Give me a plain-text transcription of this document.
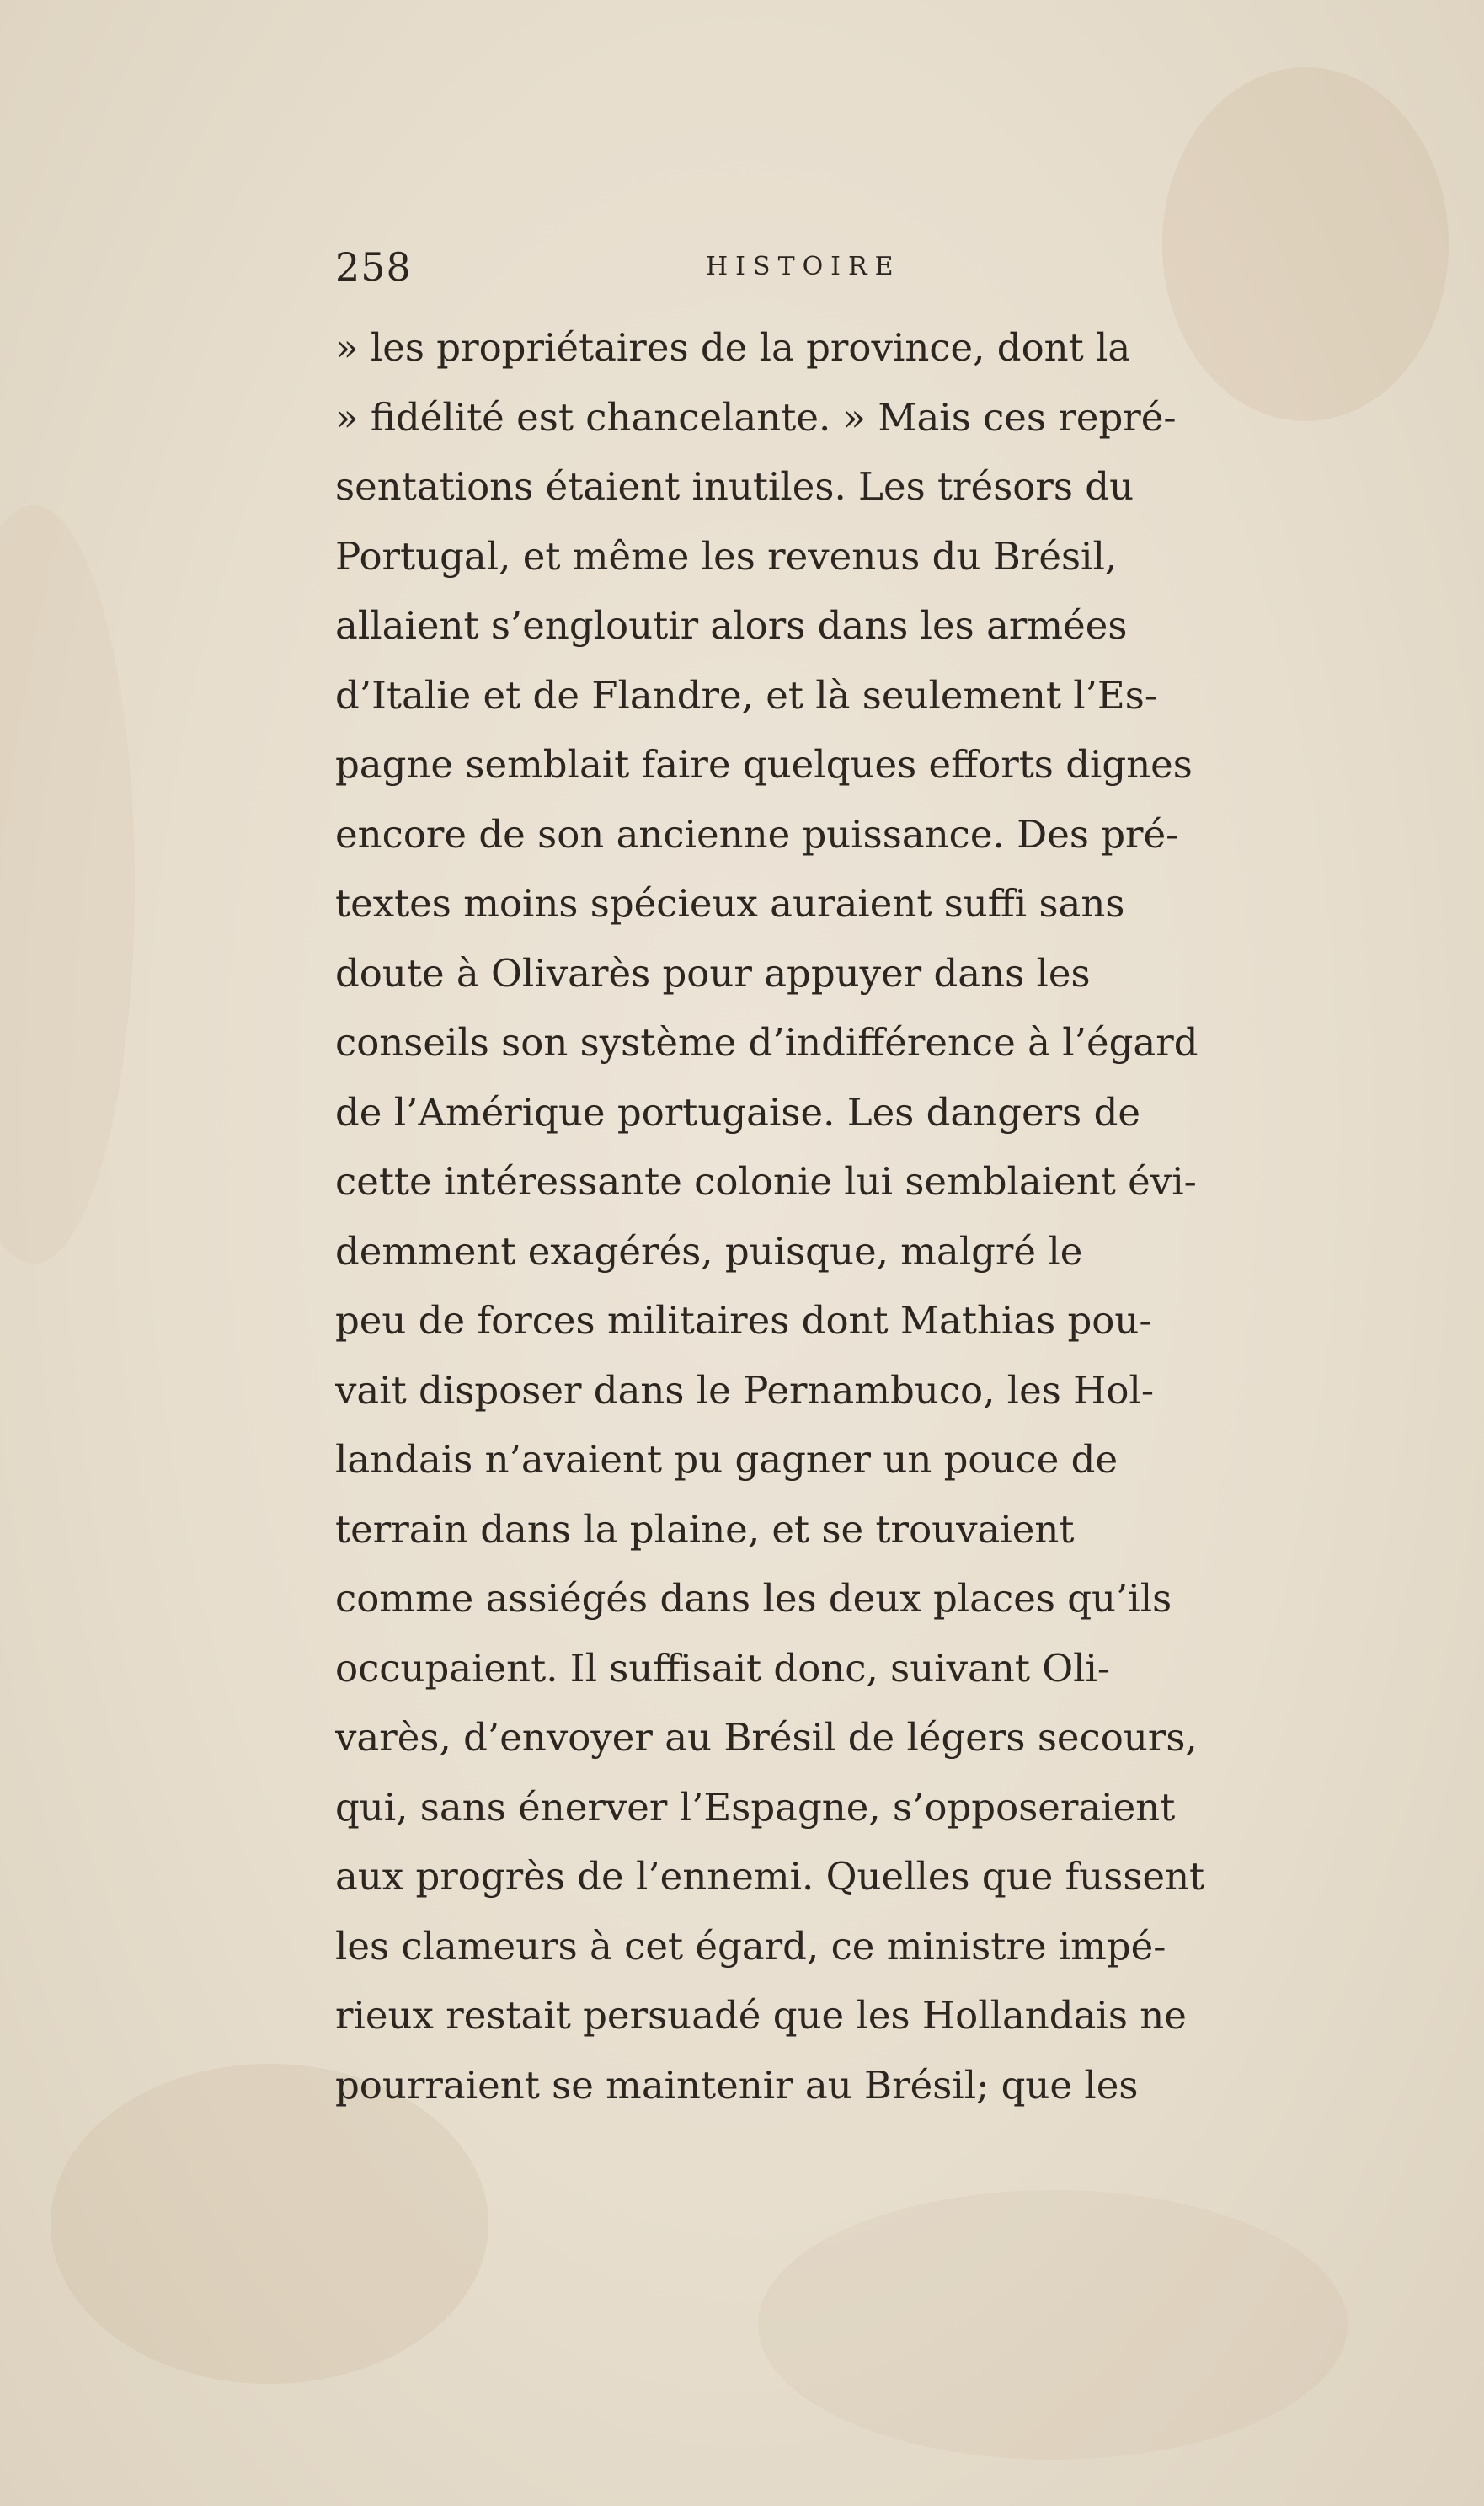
258	HISTOIRE
» les propriétaires de la province, dont la
» fidélité est chancelante. » Mais ces repré-
sentations étaient inutiles. Les trésors du
Portugal, et même les revenus du Brésil,
allaient s’engloutir alors dans les armées
d’Italie et de Flandre, et là seulement l’Es-
pagne semblait faire quelques efforts dignes
encore de son ancienne puissance. Des pré-
textes moins spécieux auraient suffi sans
doute à Olivarès pour appuyer dans les
conseils son système d’indifférence à l’égard
de l’Amérique portugaise. Les dangers de
cette intéressante colonie lui semblaient évi-
demment exagérés, puisque, malgré le
peu de forces militaires dont Mathias pou-
vait disposer dans le Pernambuco, les Hol-
landais n’avaient pu gagner un pouce de
terrain dans la plaine, et se trouvaient
comme assiégés dans les deux places qu’ils
occupaient. Il suffisait donc, suivant Oli-
varès, d’envoyer au Brésil de légers secours,
qui, sans énerver l’Espagne, s’opposeraient
aux progrès de l’ennemi. Quelles que fussent
les clameurs à cet égard, ce ministre impé-
rieux restait persuadé que les Hollandais ne
pourraient se maintenir au Brésil; que les
